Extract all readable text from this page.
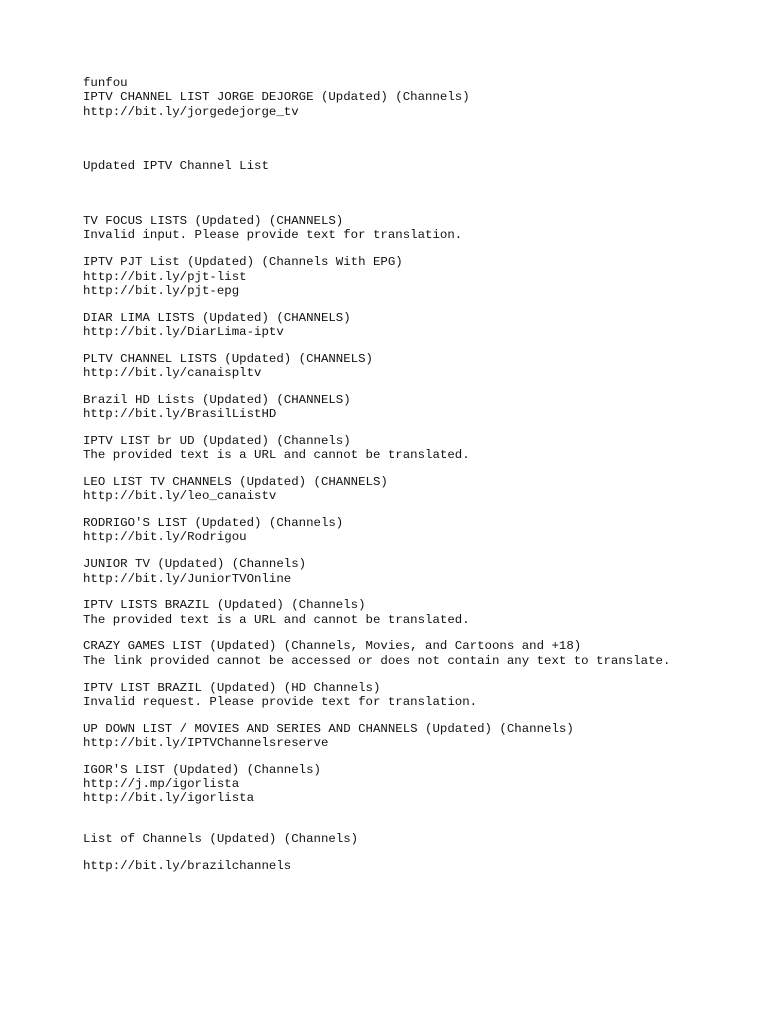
funfou
IPTV CHANNEL LIST JORGE DEJORGE (Updated) (Channels)
http://bit.ly/jorgedejorge_tv
Updated IPTV Channel List
TV FOCUS LISTS (Updated) (CHANNELS)
Invalid input. Please provide text for translation.
IPTV PJT List (Updated) (Channels With EPG)
http://bit.ly/pjt-list
http://bit.ly/pjt-epg
DIAR LIMA LISTS (Updated) (CHANNELS)
http://bit.ly/DiarLima-iptv
PLTV CHANNEL LISTS (Updated) (CHANNELS)
http://bit.ly/canaispltv
Brazil HD Lists (Updated) (CHANNELS)
http://bit.ly/BrasilListHD
IPTV LIST br UD (Updated) (Channels)
The provided text is a URL and cannot be translated.
LEO LIST TV CHANNELS (Updated) (CHANNELS)
http://bit.ly/leo_canaistv
RODRIGO'S LIST (Updated) (Channels)
http://bit.ly/Rodrigou
JUNIOR TV (Updated) (Channels)
http://bit.ly/JuniorTVOnline
IPTV LISTS BRAZIL (Updated) (Channels)
The provided text is a URL and cannot be translated.
CRAZY GAMES LIST (Updated) (Channels, Movies, and Cartoons and +18)
The link provided cannot be accessed or does not contain any text to translate.
IPTV LIST BRAZIL (Updated) (HD Channels)
Invalid request. Please provide text for translation.
UP DOWN LIST / MOVIES AND SERIES AND CHANNELS (Updated) (Channels)
http://bit.ly/IPTVChannelsreserve
IGOR'S LIST (Updated) (Channels)
http://j.mp/igorlista
http://bit.ly/igorlista
List of Channels (Updated) (Channels)
http://bit.ly/brazilchannels
